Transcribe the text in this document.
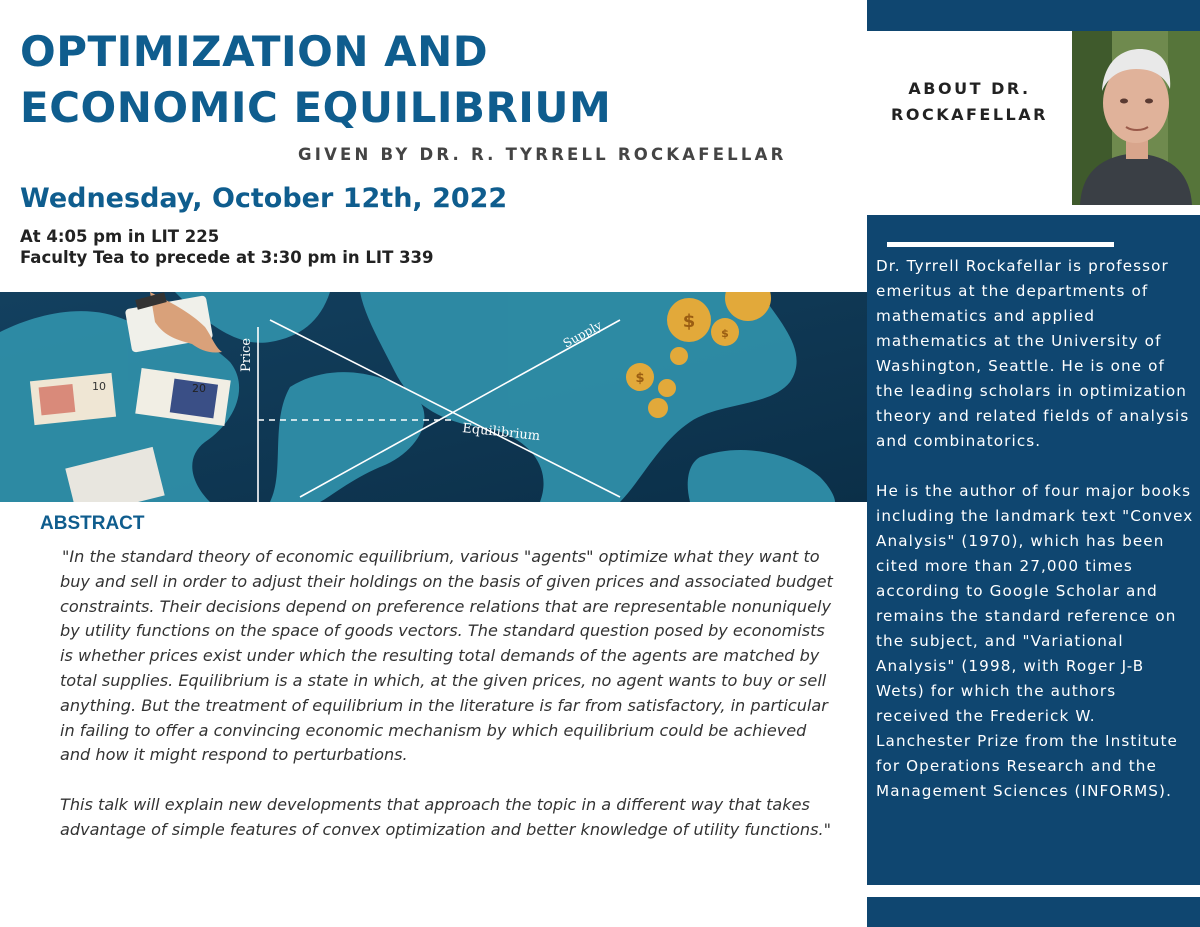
OPTIMIZATION AND
ECONOMIC EQUILIBRIUM
GIVEN BY DR. R. TYRRELL ROCKAFELLAR
Wednesday, October 12th, 2022
At 4:05 pm in LIT 225
Faculty Tea to precede at 3:30 pm in LIT 339
Price
Supply
Equilibrium
10	20
$
$
$
ABSTRACT

"In the standard theory of economic equilibrium, various "agents" optimize what they want to buy and sell in order to adjust their holdings on the basis of given prices and associated budget constraints. Their decisions depend on preference relations that are representable nonuniquely by utility functions on the space of goods vectors. The standard question posed by economists is whether prices exist under which the resulting total demands of the agents are matched by total supplies. Equilibrium is a state in which, at the given prices, no agent wants to buy or sell anything. But the treatment of equilibrium in the literature is far from satisfactory, in particular in failing to offer a convincing economic mechanism by which equilibrium could be achieved and how it might respond to perturbations.

This talk will explain new developments that approach the topic in a different way that takes advantage of simple features of convex optimization and better knowledge of utility functions."

ABOUT DR.
ROCKAFELLAR

Dr. Tyrrell Rockafellar is professor emeritus at the departments of mathematics and applied mathematics at the University of Washington, Seattle. He is one of the leading scholars in optimization theory and related fields of analysis and combinatorics.

He is the author of four major books including the landmark text "Convex Analysis" (1970), which has been cited more than 27,000 times according to Google Scholar and remains the standard reference on the subject, and "Variational Analysis" (1998, with Roger J-B Wets) for which the authors received the Frederick W. Lanchester Prize from the Institute for Operations Research and the Management Sciences (INFORMS).
